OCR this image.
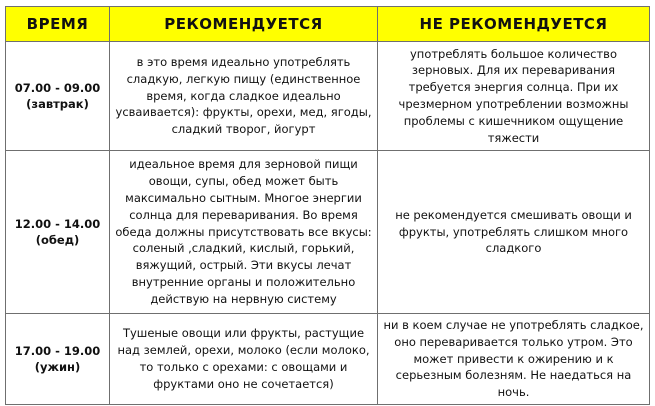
ВРЕМЯ	РЕКОМЕНДУЕТСЯ	НЕ РЕКОМЕНДУЕТСЯ

07.00 - 09.00
(завтрак)	в это время идеально употреблять сладкую, легкую пищу (единственное время, когда сладкое идеально усваивается): фрукты, орехи, мед, ягоды, сладкий творог, йогурт	употреблять большое количество зерновых. Для их переваривания требуется энергия солнца. При их чрезмерном употреблении возможны проблемы с кишечником ощущение тяжести

12.00 - 14.00
(обед)	идеальное время для зерновой пищи овощи, супы, обед может быть максимально сытным. Многое энергии солнца для переваривания. Во время обеда должны присутствовать все вкусы: соленый ,сладкий, кислый, горький, вяжущий, острый. Эти вкусы лечат внутренние органы и положительно действую на нервную систему	не рекомендуется смешивать овощи и фрукты, употреблять слишком много сладкого

17.00 - 19.00
(ужин)	Тушеные овощи или фрукты, растущие над землей, орехи, молоко (если молоко, то только с орехами: с овощами и фруктами оно не сочетается)	ни в коем случае не употреблять сладкое, оно переваривается только утром. Это может привести к ожирению и к серьезным болезням. Не наедаться на ночь.
